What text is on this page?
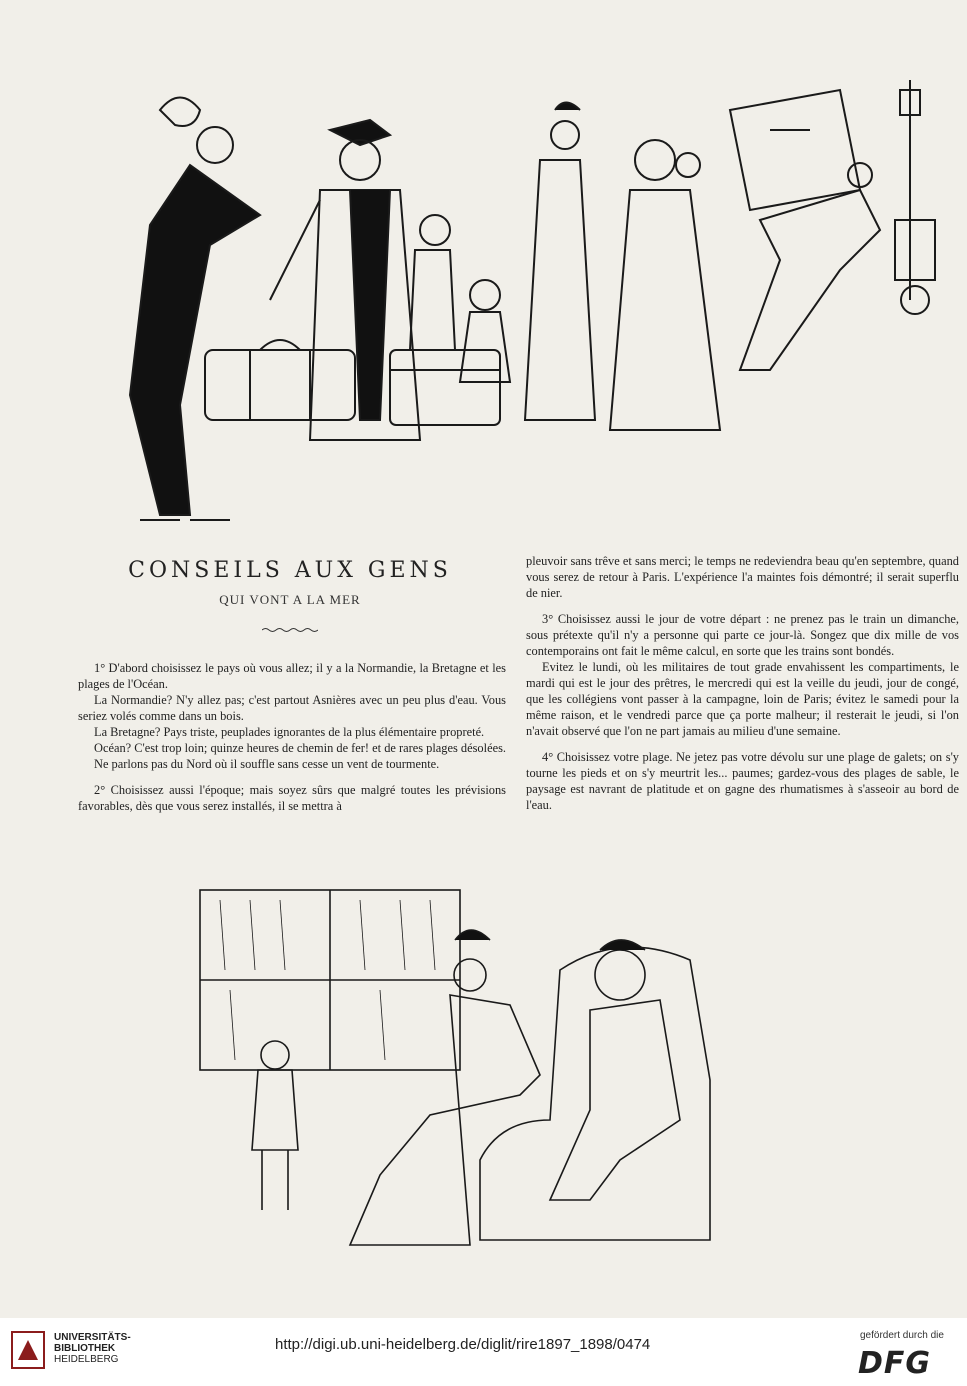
CONSEILS AUX GENS
QUI VONT A LA MER

1° D'abord choisissez le pays où vous allez; il y a la Normandie, la Bretagne et les plages de l'Océan.

La Normandie? N'y allez pas; c'est partout Asnières avec un peu plus d'eau. Vous seriez volés comme dans un bois.

La Bretagne? Pays triste, peuplades ignorantes de la plus élémentaire propreté.

Océan? C'est trop loin; quinze heures de chemin de fer! et de rares plages désolées.

Ne parlons pas du Nord où il souffle sans cesse un vent de tourmente.

2° Choisissez aussi l'époque; mais soyez sûrs que malgré toutes les prévisions favorables, dès que vous serez installés, il se mettra à

pleuvoir sans trêve et sans merci; le temps ne redeviendra beau qu'en septembre, quand vous serez de retour à Paris. L'expérience l'a maintes fois démontré; il serait superflu de nier.

3° Choisissez aussi le jour de votre départ : ne prenez pas le train un dimanche, sous prétexte qu'il n'y a personne qui parte ce jour-là. Songez que dix mille de vos contemporains ont fait le même calcul, en sorte que les trains sont bondés.

Evitez le lundi, où les militaires de tout grade envahissent les compartiments, le mardi qui est le jour des prêtres, le mercredi qui est la veille du jeudi, jour de congé, que les collégiens vont passer à la campagne, loin de Paris; évitez le samedi pour la même raison, et le vendredi parce que ça porte malheur; il resterait le jeudi, si l'on n'avait observé que l'on ne part jamais au milieu d'une semaine.

4° Choisissez votre plage. Ne jetez pas votre dévolu sur une plage de galets; on s'y tourne les pieds et on s'y meurtrit les... paumes; gardez-vous des plages de sable, le paysage est navrant de platitude et on gagne des rhumatismes à s'asseoir au bord de l'eau.

UNIVERSITÄTS-
BIBLIOTHEK
HEIDELBERG
http://digi.ub.uni-heidelberg.de/diglit/rire1897_1898/0474
gefördert durch die
DFG
